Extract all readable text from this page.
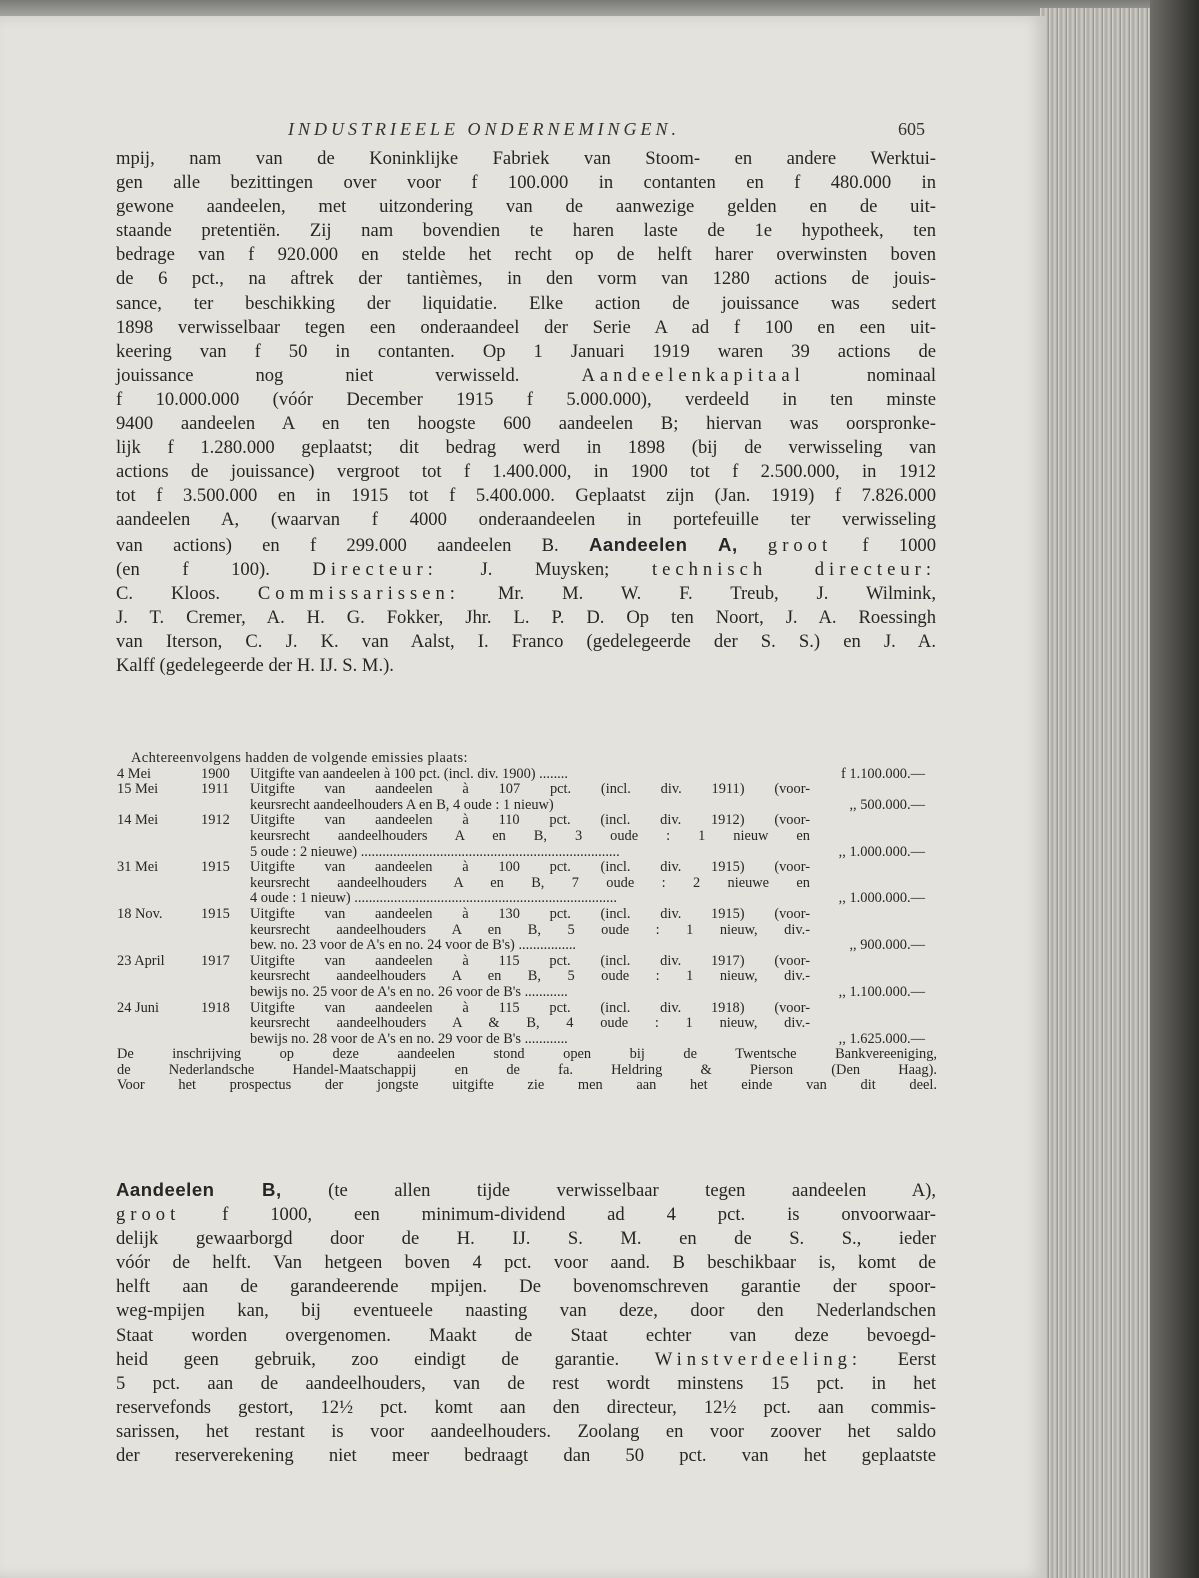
INDUSTRIEELE ONDERNEMINGEN.	605
mpij, nam van de Koninklijke Fabriek van Stoom- en andere Werktui-
gen alle bezittingen over voor f 100.000 in contanten en f 480.000 in
gewone aandeelen, met uitzondering van de aanwezige gelden en de uit-
staande pretentiën. Zij nam bovendien te haren laste de 1e hypotheek, ten
bedrage van f 920.000 en stelde het recht op de helft harer overwinsten boven
de 6 pct., na aftrek der tantièmes, in den vorm van 1280 actions de jouis-
sance, ter beschikking der liquidatie. Elke action de jouissance was sedert
1898 verwisselbaar tegen een onderaandeel der Serie A ad f 100 en een uit-
keering van f 50 in contanten. Op 1 Januari 1919 waren 39 actions de
jouissance nog niet verwisseld.	Aandeelenkapitaal	nominaal
f 10.000.000 (vóór December 1915 f 5.000.000), verdeeld in ten minste
9400 aandeelen A en ten hoogste 600 aandeelen B; hiervan was oorspronke-
lijk f 1.280.000 geplaatst; dit bedrag werd in 1898 (bij de verwisseling van
actions de jouissance) vergroot tot f 1.400.000, in 1900 tot f 2.500.000, in 1912
tot f 3.500.000 en in 1915 tot f 5.400.000. Geplaatst zijn (Jan. 1919) f 7.826.000
aandeelen A, (waarvan f 4000 onderaandeelen in portefeuille ter verwisseling
van actions) en f 299.000 aandeelen B. Aandeelen A, groot f 1000
(en f 100). Directeur: J. Muysken; technisch directeur:
C. Kloos. Commissarissen: Mr. M. W. F. Treub, J. Wilmink,
J. T. Cremer, A. H. G. Fokker, Jhr. L. P. D. Op ten Noort, J. A. Roessingh
van Iterson, C. J. K. van Aalst, I. Franco (gedelegeerde der S. S.) en J. A.
Kalff (gedelegeerde der H. IJ. S. M.).
Achtereenvolgens hadden de volgende emissies plaats:
4 Mei	1900 Uitgifte van aandeelen à 100 pct. (incl. div. 1900) ........	f 1.100.000.—
15 Mei	1911 Uitgifte van aandeelen à 107 pct. (incl. div. 1911) (voor-
keursrecht aandeelhouders A en B, 4 oude : 1 nieuw)	,, 500.000.—
14 Mei	1912 Uitgifte van aandeelen à 110 pct. (incl. div. 1912) (voor-
keursrecht aandeelhouders A en B, 3 oude : 1 nieuw en
5 oude : 2 nieuwe) ........................................................................	,, 1.000.000.—
31 Mei	1915 Uitgifte van aandeelen à 100 pct. (incl. div. 1915) (voor-
keursrecht aandeelhouders A en B, 7 oude : 2 nieuwe en
4 oude : 1 nieuw) .........................................................................	,, 1.000.000.—
18 Nov.	1915 Uitgifte van aandeelen à 130 pct. (incl. div. 1915) (voor-
keursrecht aandeelhouders A en B, 5 oude : 1 nieuw, div.-
bew. no. 23 voor de A's en no. 24 voor de B's) ................	,, 900.000.—
23 April	1917 Uitgifte van aandeelen à 115 pct. (incl. div. 1917) (voor-
keursrecht aandeelhouders A en B, 5 oude : 1 nieuw, div.-
bewijs no. 25 voor de A's en no. 26 voor de B's ............	,, 1.100.000.—
24 Juni	1918 Uitgifte van aandeelen à 115 pct. (incl. div. 1918) (voor-
keursrecht aandeelhouders A & B, 4 oude : 1 nieuw, div.-
bewijs no. 28 voor de A's en no. 29 voor de B's ............	,, 1.625.000.—
De inschrijving op deze aandeelen stond open bij de Twentsche Bankvereeniging,
de Nederlandsche Handel-Maatschappij en de fa. Heldring & Pierson (Den Haag).
Voor het prospectus der jongste uitgifte zie men aan het einde van dit deel.
Aandeelen B,	(te allen tijde verwisselbaar tegen aandeelen A),
groot f 1000, een minimum-dividend ad 4 pct. is onvoorwaar-
delijk gewaarborgd door de H. IJ. S. M. en de S. S., ieder
vóór de helft. Van hetgeen boven 4 pct. voor aand. B beschikbaar is, komt de
helft aan de garandeerende mpijen. De bovenomschreven garantie der spoor-
weg-mpijen kan, bij eventueele naasting van deze, door den Nederlandschen
Staat worden overgenomen. Maakt de Staat echter van deze bevoegd-
heid geen gebruik, zoo eindigt de garantie. Winstverdeeling: Eerst
5 pct. aan de aandeelhouders, van de rest wordt minstens 15 pct. in het
reservefonds gestort, 12½ pct. komt aan den directeur, 12½ pct. aan commis-
sarissen, het restant is voor aandeelhouders. Zoolang en voor zoover het saldo
der reserverekening niet meer bedraagt dan 50 pct. van het geplaatste
